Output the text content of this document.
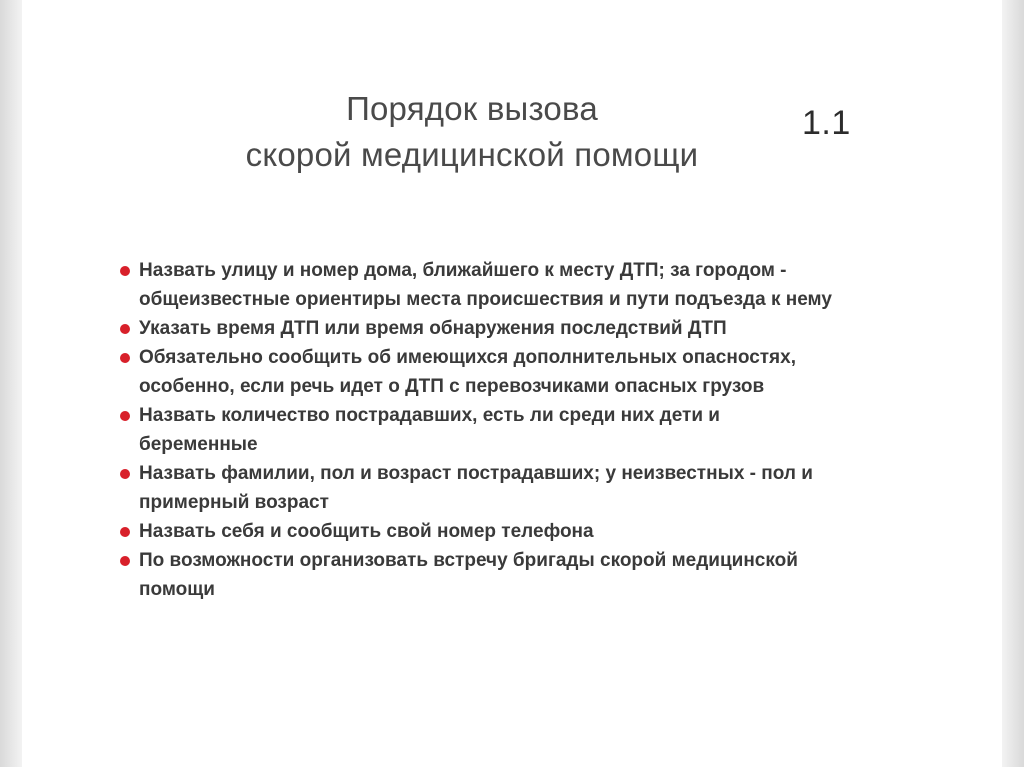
Порядок вызова
скорой медицинской помощи
1.1
Назвать улицу и номер дома, ближайшего к месту ДТП; за городом -
общеизвестные ориентиры места происшествия и пути подъезда к нему
Указать время ДТП или время обнаружения последствий ДТП
Обязательно сообщить об имеющихся дополнительных опасностях,
особенно, если речь идет о ДТП с перевозчиками опасных грузов
Назвать количество пострадавших, есть ли среди них дети и
беременные
Назвать фамилии, пол и возраст пострадавших; у неизвестных - пол и
примерный возраст
Назвать себя и сообщить свой номер телефона
По возможности организовать встречу бригады скорой медицинской
помощи
